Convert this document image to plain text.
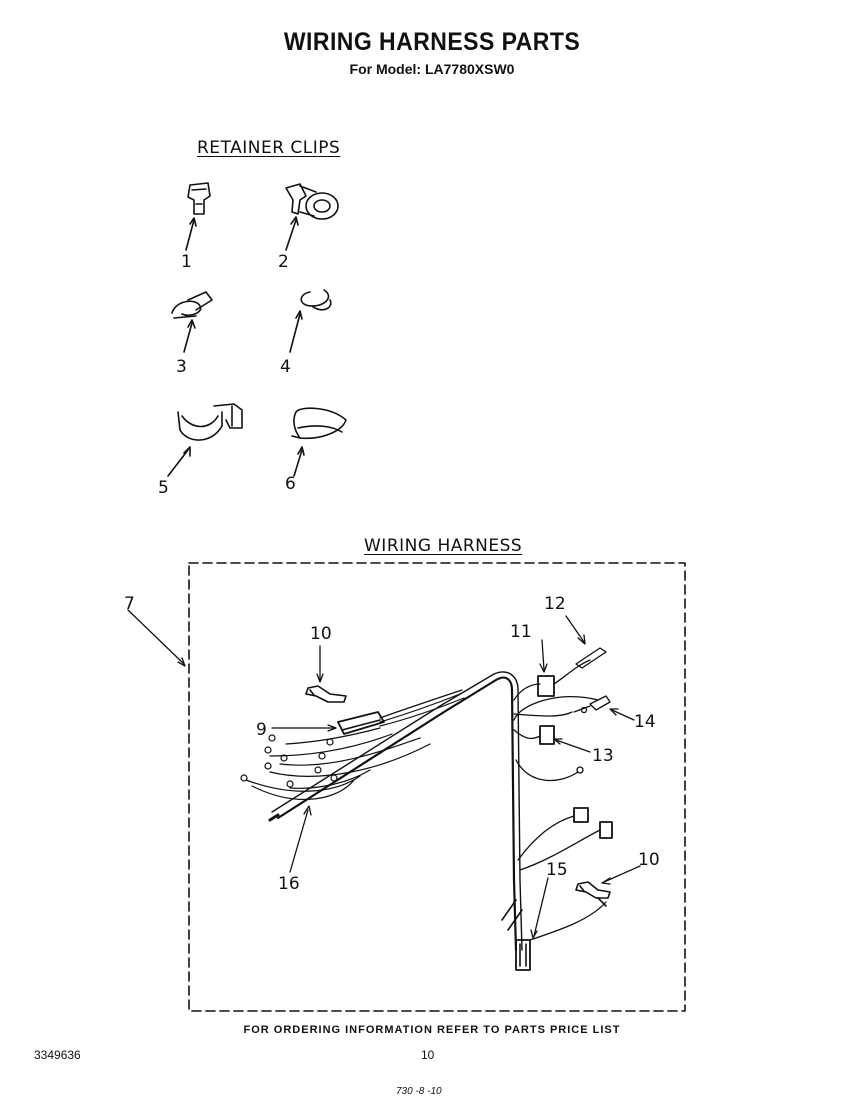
WIRING HARNESS PARTS
For Model: LA7780XSW0
RETAINER CLIPS
WIRING HARNESS
1	2
3	4
5	6
7
10	11
12
9	14
13
10
15
16
FOR ORDERING INFORMATION REFER TO PARTS PRICE LIST
3349636	10
730 -8 -10
